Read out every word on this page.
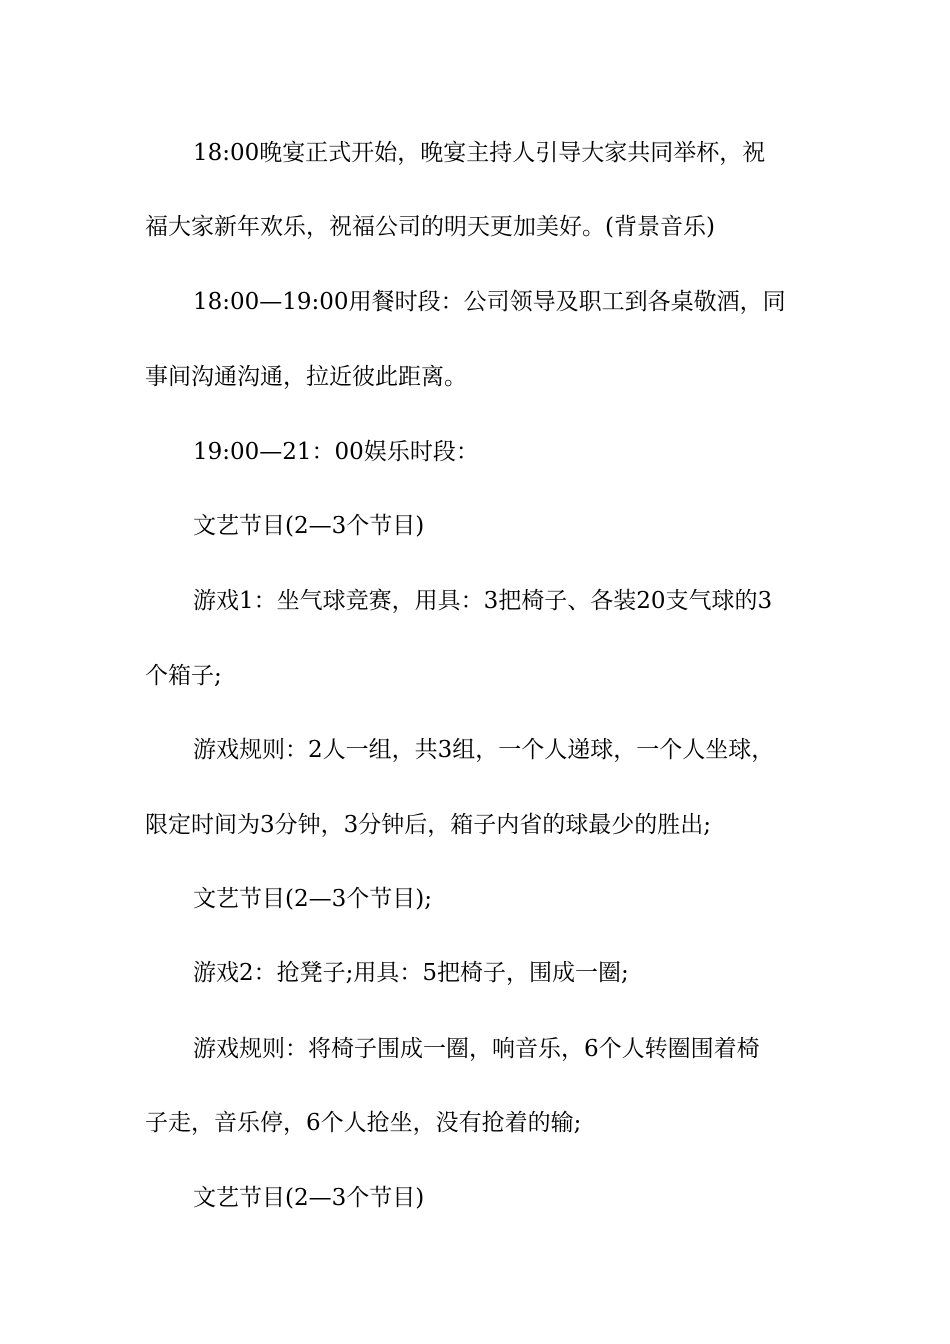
18:00晚宴正式开始，晚宴主持人引导大家共同举杯，祝
福大家新年欢乐，祝福公司的明天更加美好。(背景音乐)
18:00—19:00用餐时段：公司领导及职工到各桌敬酒，同
事间沟通沟通，拉近彼此距离。
19:00—21：00娱乐时段：
文艺节目(2—3个节目)
游戏1：坐气球竞赛，用具：3把椅子、各装20支气球的3
个箱子;
游戏规则：2人一组，共3组，一个人递球，一个人坐球，
限定时间为3分钟，3分钟后，箱子内省的球最少的胜出;
文艺节目(2—3个节目);
游戏2：抢凳子;用具：5把椅子，围成一圈;
游戏规则：将椅子围成一圈，响音乐，6个人转圈围着椅
子走，音乐停，6个人抢坐，没有抢着的输;
文艺节目(2—3个节目)
